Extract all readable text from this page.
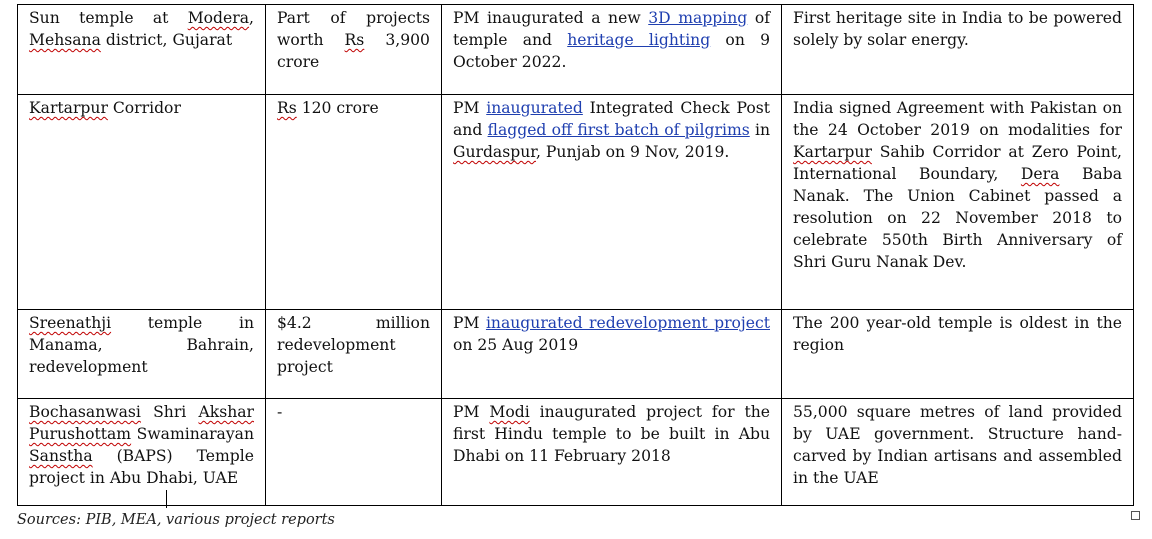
Sun temple at Modera, Mehsana district, Gujarat	Part of projects worth Rs 3,900 crore	PM inaugurated a new 3D mapping of temple and heritage lighting on 9 October 2022.	First heritage site in India to be powered solely by solar energy.
Kartarpur Corridor	Rs 120 crore	PM inaugurated Integrated Check Post and flagged off first batch of pilgrims in Gurdaspur, Punjab on 9 Nov, 2019.	India signed Agreement with Pakistan on the 24 October 2019 on modalities for Kartarpur Sahib Corridor at Zero Point, International Boundary, Dera Baba Nanak. The Union Cabinet passed a resolution on 22 November 2018 to celebrate 550th Birth Anniversary of Shri Guru Nanak Dev.
Sreenathji temple in Manama, Bahrain, redevelopment	$4.2 million redevelopment project	PM inaugurated redevelopment project on 25 Aug 2019	The 200 year-old temple is oldest in the region
Bochasanwasi Shri Akshar Purushottam Swaminarayan Sanstha (BAPS) Temple project in Abu Dhabi, UAE	-	PM Modi inaugurated project for the first Hindu temple to be built in Abu Dhabi on 11 February 2018	55,000 square metres of land provided by UAE government. Structure hand-carved by Indian artisans and assembled in the UAE
Sources: PIB, MEA, various project reports
